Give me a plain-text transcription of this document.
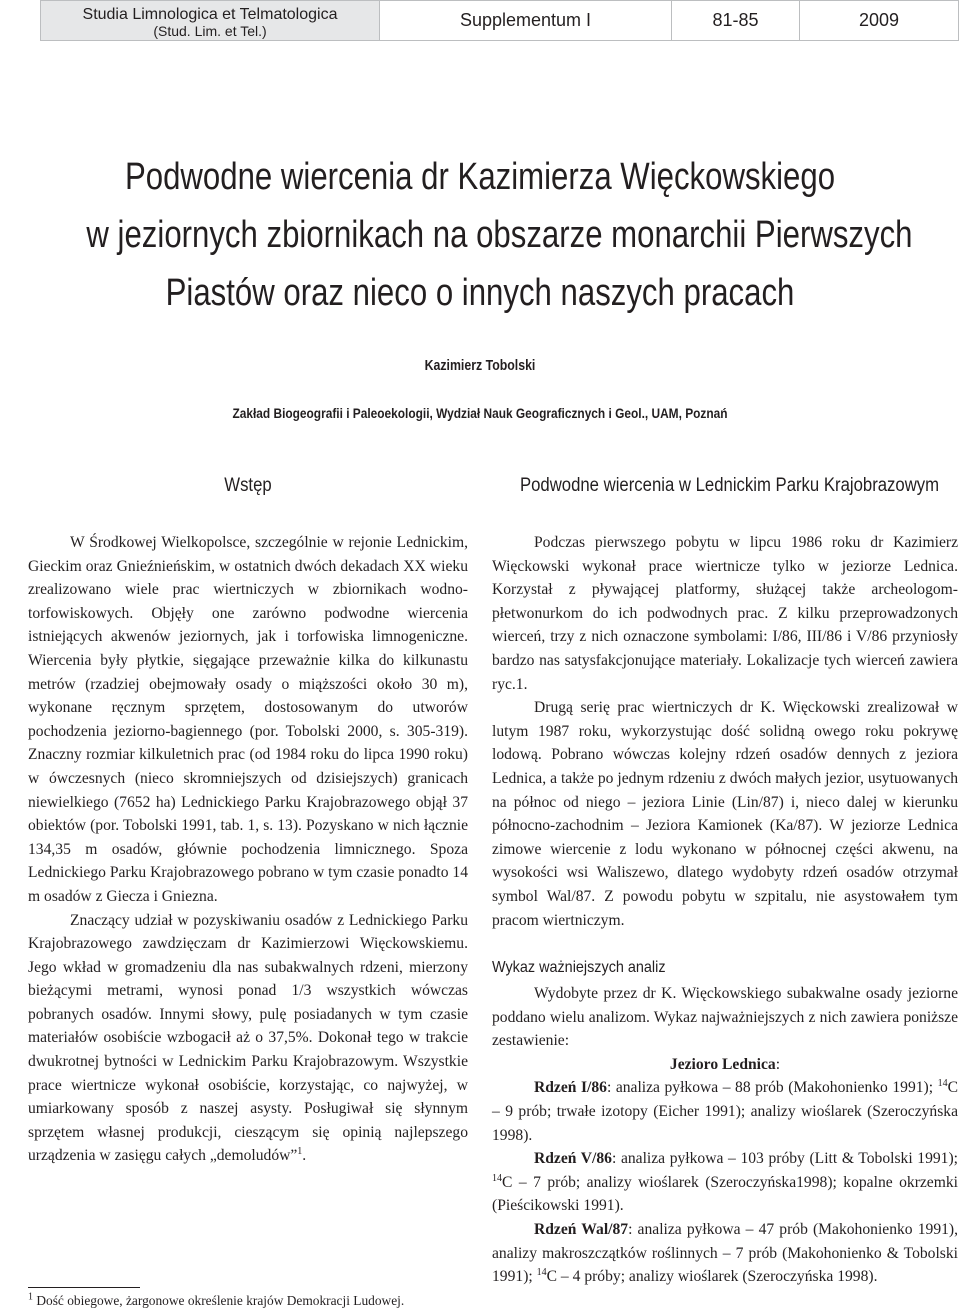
Studia Limnologica et Telmatologica
(Stud. Lim. et Tel.)
Supplementum I	81-85	2009
Podwodne wiercenia dr Kazimierza Więckowskiego
w jeziornych zbiornikach na obszarze monarchii Pierwszych
Piastów oraz nieco o innych naszych pracach
Kazimierz Tobolski
Zakład Biogeografii i Paleoekologii, Wydział Nauk Geograficznych i Geol., UAM, Poznań
Wstęp

W Środkowej Wielkopolsce, szczególnie w rejonie Lednickim, Gieckim oraz Gnieźnieńskim, w ostatnich dwóch dekadach XX wieku zrealizowano wiele prac wiertniczych w zbiornikach wodno-torfowiskowych. Objęły one zarówno podwodne wiercenia istniejących akwenów jeziornych, jak i torfowiska limnogeniczne. Wiercenia były płytkie, sięgające przeważnie kilka do kilkunastu metrów (rzadziej obejmowały osady o miąższości około 30 m), wykonane ręcznym sprzętem, dostosowanym do utworów pochodzenia jeziorno-bagiennego (por. Tobolski 2000, s. 305-319). Znaczny rozmiar kilkuletnich prac (od 1984 roku do lipca 1990 roku) w ówczesnych (nieco skromniejszych od dzisiejszych) granicach niewielkiego (7652 ha) Lednickiego Parku Krajobrazowego objął 37 obiektów (por. Tobolski 1991, tab. 1, s. 13). Pozyskano w nich łącznie 134,35 m osadów, głównie pochodzenia limnicznego. Spoza Lednickiego Parku Krajobrazowego pobrano w tym czasie ponadto 14 m osadów z Giecza i Gniezna.

Znaczący udział w pozyskiwaniu osadów z Lednickiego Parku Krajobrazowego zawdzięczam dr Kazimierzowi Więckowskiemu. Jego wkład w gromadzeniu dla nas subakwalnych rdzeni, mierzony bieżącymi metrami, wynosi ponad 1/3 wszystkich wówczas pobranych osadów. Innymi słowy, pulę posiadanych w tym czasie materiałów osobiście wzbogacił aż o 37,5%. Dokonał tego w trakcie dwukrotnej bytności w Lednickim Parku Krajobrazowym. Wszystkie prace wiertnicze wykonał osobiście, korzystając, co najwyżej, w umiarkowany sposób z naszej asysty. Posługiwał się słynnym sprzętem własnej produkcji, cieszącym się opinią najlepszego urządzenia w zasięgu całych „demoludów”$^1$.

Podwodne wiercenia w Lednickim Parku Krajobrazowym

Podczas pierwszego pobytu w lipcu 1986 roku dr Kazimierz Więckowski wykonał prace wiertnicze tylko w jeziorze Lednica. Korzystał z pływającej platformy, służącej także archeologom-płetwonurkom do ich podwodnych prac. Z kilku przeprowadzonych wierceń, trzy z nich oznaczone symbolami: I/86, III/86 i V/86 przyniosły bardzo nas satysfakcjonujące materiały. Lokalizacje tych wierceń zawiera ryc.1.

Drugą serię prac wiertniczych dr K. Więckowski zrealizował w lutym 1987 roku, wykorzystując dość solidną owego roku pokrywę lodową. Pobrano wówczas kolejny rdzeń osadów dennych z jeziora Lednica, a także po jednym rdzeniu z dwóch małych jezior, usytuowanych na północ od niego – jeziora Linie (Lin/87) i, nieco dalej w kierunku północno-zachodnim – Jeziora Kamionek (Ka/87). W jeziorze Lednica zimowe wiercenie z lodu wykonano w północnej części akwenu, na wysokości wsi Waliszewo, dlatego wydobyty rdzeń osadów otrzymał symbol Wal/87. Z powodu pobytu w szpitalu, nie asystowałem tym pracom wiertniczym.

Wykaz ważniejszych analiz

Wydobyte przez dr K. Więckowskiego subakwalne osady jeziorne poddano wielu analizom. Wykaz najważniejszych z nich zawiera poniższe zestawienie:

Jezioro Lednica:

Rdzeń I/86: analiza pyłkowa – 88 prób (Makohonienko 1991); $^{14}$C – 9 prób; trwałe izotopy (Eicher 1991); analizy wioślarek (Szeroczyńska 1998).

Rdzeń V/86: analiza pyłkowa – 103 próby (Litt & Tobolski 1991); $^{14}$C – 7 prób; analizy wioślarek (Szeroczyńska1998); kopalne okrzemki (Pieścikowski 1991).

Rdzeń Wal/87: analiza pyłkowa – 47 prób (Makohonienko 1991), analizy makroszczątków roślinnych – 7 prób (Makohonienko & Tobolski 1991); $^{14}$C – 4 próby; analizy wioślarek (Szeroczyńska 1998).

$^1$ Dość obiegowe, żargonowe określenie krajów Demokracji Ludowej.
